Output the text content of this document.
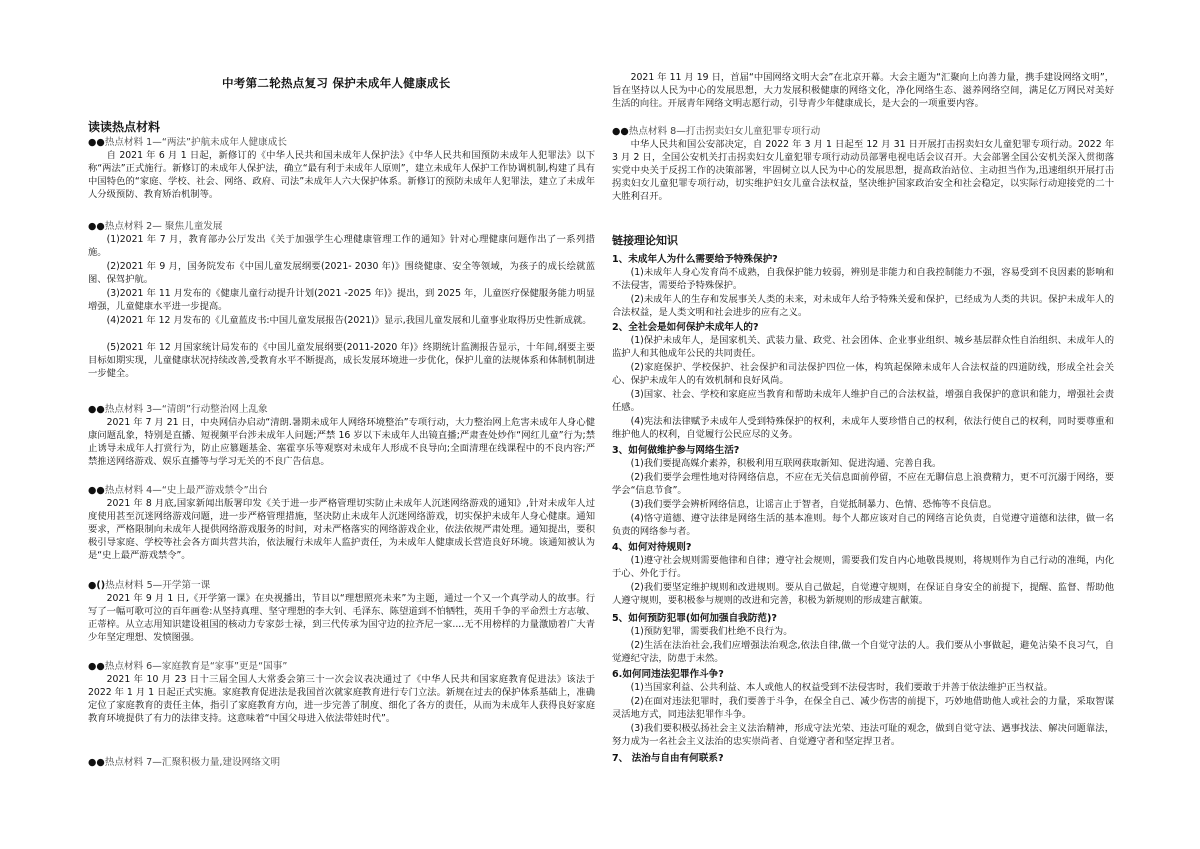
中考第二轮热点复习 保护未成年人健康成长
读读热点材料
●●热点材料 1—“两法”护航未成年人健康成长

自 2021 年 6 月 1 日起，新修订的《中华人民共和国未成年人保护法》《中华人民共和国预防未成年人犯罪法》以下称“两法”正式施行。新修订的未成年人保护法，确立“最有利于未成年人原则”，建立未成年人保护工作协调机制,构建了具有中国特色的“家庭、学校、社会、网络、政府、司法”未成年人六大保护体系。新修订的预防未成年人犯罪法，建立了未成年人分级预防、教育矫治机制等。

●●热点材料 2— 聚焦儿童发展

(1)2021 年 7 月，教育部办公厅发出《关于加强学生心理健康管理工作的通知》针对心理健康问题作出了一系列措施。

(2)2021 年 9 月，国务院发布《中国儿童发展纲要(2021- 2030 年)》围绕健康、安全等领域，为孩子的成长绘就蓝图、保驾护航。

(3)2021 年 11 月发布的《健康儿童行动提升计划(2021 -2025 年)》提出，到 2025 年，儿童医疗保健服务能力明显增强，儿童健康水平进一步提高。

(4)2021 年 12 月发布的《儿童蓝皮书:中国儿童发展报告(2021)》显示,我国儿童发展和儿童事业取得历史性新成就。

(5)2021 年 12 月国家统计局发布的《中国儿童发展纲要(2011-2020 年)》终期统计监测报告显示，十年间,纲要主要目标如期实现，儿童健康状况持续改善,受教育水平不断提高，成长发展环境进一步优化，保护儿童的法规体系和体制机制进一步健全。

●●热点材料 3—“清朗”行动整治网上乱象

2021 年 7 月 21 日，中央网信办启动“清朗.暑期未成年人网络环境整治”专项行动，大力整治网上危害未成年人身心健康问题乱象，特别是直播、短视频平台涉未成年人问题;严禁 16 岁以下未成年人出镜直播;严肃查处炒作“网红儿童”行为;禁止诱导未成年人打赏行为，防止应篡题基金、塞霍享乐等观察对未成年人形成不良导向;全面清理在线课程中的不良内容;严禁推送网络游戏、娱乐直播等与学习无关的不良广告信息。

●●热点材料 4—“史上最严游戏禁令”出台

2021 年 8 月底,国家新闻出版署印发《关于进一步严格管理切实防止未成年人沉迷网络游戏的通知》,针对未成年人过度使用甚至沉迷网络游戏问题，进一步严格管理措施，坚决防止未成年人沉迷网络游戏，切实保护未成年人身心健康。通知要求，严格限制向未成年人提供网络游戏服务的时间，对未严格落实的网络游戏企业，依法依规严肃处理。通知提出，要积极引导家庭、学校等社会各方面共营共治，依法履行未成年人监护责任，为未成年人健康成长营造良好环境。该通知被认为是“史上最严游戏禁令”。

●()热点材料 5—开学第一课

2021 年 9 月 1 日,《开学第一课》在央视播出，节目以“理想照亮未来”为主题，通过一个又一个真学动人的故事。行写了一幅可歌可泣的百年画卷:从坚持真理、坚守理想的李大钊、毛泽东、陈望道到不怕牺牲，英用千争的平命烈士方志敏、正蒂梓。从立志用知识建设祖国的核动力专家彭士禄，到三代传承为国守边的拉齐尼一家....无不用榜样的力量激励着广大青少年坚定理想、发愤图强。

●●热点材料 6—家庭教育是“家事”更是“国事”

2021 年 10 月 23 日十三届全国人大常委会第三十一次会议表决通过了《中华人民共和国家庭教育促进法》该法于 2022 年 1 月 1 日起正式实施。家庭教育促进法是我国首次就家庭教育进行专门立法。新规在过去的保护体系基础上，准确定位了家庭教育的责任主体，指引了家庭教育方向，进一步完善了制度、细化了各方的责任，从而为未成年人获得良好家庭教育环境提供了有力的法律支持。这意味着“中国父母进入依法带娃时代”。

●●热点材料 7—汇聚积极力量,建设网络文明

2021 年 11 月 19 日，首届“中国网络文明大会”在北京开幕。大会主题为“汇聚向上向善力量，携手建设网络文明”，旨在坚持以人民为中心的发展思想，大力发展积极健康的网络文化，净化网络生态、滋养网络空间，满足亿万网民对美好生活的向往。开展青年网络文明志愿行动，引导青少年健康成长，是大会的一项重要内容。

●●热点材料 8—打击拐卖妇女儿童犯罪专项行动

中华人民共和国公安部决定，自 2022 年 3 月 1 日起至 12 月 31 日开展打击拐卖妇女儿童犯罪专项行动。2022 年 3 月 2 日，全国公安机关打击拐卖妇女儿童犯罪专项行动动员部署电视电话会议召开。大会部署全国公安机关深入贯彻落实党中央关于反拐工作的决策部署，牢固树立以人民为中心的发展思想，提高政治站位、主动担当作为,迅速组织开展打击拐卖妇女儿童犯罪专项行动，切实维护妇女儿童合法权益，坚决维护国家政治安全和社会稳定，以实际行动迎接党的二十大胜利召开。

链接理论知识
1、未成年人为什么需要给予特殊保护?

(1)未成年人身心发育尚不成熟，自我保护能力较弱，辨别是非能力和自我控制能力不强，容易受到不良因素的影响和不法侵害，需要给予特殊保护。

(2)未成年人的生存和发展事关人类的未来，对未成年人给予特殊关爱和保护，已经成为人类的共识。保护未成年人的合法权益，是人类文明和社会进步的应有之义。

2、全社会是如何保护未成年人的?

(1)保护未成年人，是国家机关、武装力量、政党、社会团体、企业事业组织、城乡基层群众性自治组织、未成年人的监护人和其他成年公民的共同责任。

(2)家庭保护、学校保护、社会保护和司法保护四位一体，构筑起保障未成年人合法权益的四道防线，形成全社会关心、保护未成年人的有效机制和良好风尚。

(3)国家、社会、学校和家庭应当教育和帮助未成年人维护自己的合法权益，增强自我保护的意识和能力，增强社会责任感。

(4)宪法和法律赋予未成年人受到特殊保护的权利，未成年人要珍惜自己的权利，依法行使自己的权利，同时要尊重和维护他人的权利，自觉履行公民应尽的义务。

3、如何做维护参与网络生活?

(1)我们要提高媒介素养，积极利用互联网获取新知、促进沟通、完善自我。

(2)我们要学会理性地对待网络信息，不应在无关信息面前停留，不应在无聊信息上浪费精力，更不可沉溺于网络，要学会“信息节食”。

(3)我们要学会辨析网络信息，让谣言止于智者，自觉抵制暴力、色情、恐怖等不良信息。

(4)恪守道德、遵守法律是网络生活的基本准则。每个人都应该对自己的网络言论负责，自觉遵守道德和法律，做一名负责的网络参与者。

4、如何对待规则?

(1)遵守社会规则需要他律和自律；遵守社会规则，需要我们发自内心地敬畏规则，将规则作为自己行动的准绳，内化于心、外化于行。

(2)我们要坚定维护规则和改进规则。要从自己做起，自觉遵守规则，在保证自身安全的前提下，提醒、监督、帮助他人遵守规则，要积极参与规则的改进和完善，积极为新规则的形成建言献策。

5、如何预防犯罪(如何加强自我防范)?

(1)预防犯罪，需要我们杜绝不良行为。

(2)生活在法治社会,我们应增强法治观念,依法自律,做一个自觉守法的人。我们要从小事做起，避免沾染不良习气，自觉遵纪守法，防患于未然。

6.如何同违法犯罪作斗争?

(1)当国家利益、公共利益、本人或他人的权益受到不法侵害时，我们要敢于并善于依法维护正当权益。

(2)在面对违法犯罪时，我们要善于斗争，在保全自己、减少伤害的前提下，巧妙地借助他人或社会的力量，采取智谋灵活地方式，同违法犯罪作斗争。

(3)我们要积极弘扬社会主义法治精神，形成守法光荣、违法可耻的观念，做到自觉守法、遇事找法、解决问题靠法，努力成为一名社会主义法治的忠实崇尚者、自觉遵守者和坚定捍卫者。

7、 法治与自由有何联系?
